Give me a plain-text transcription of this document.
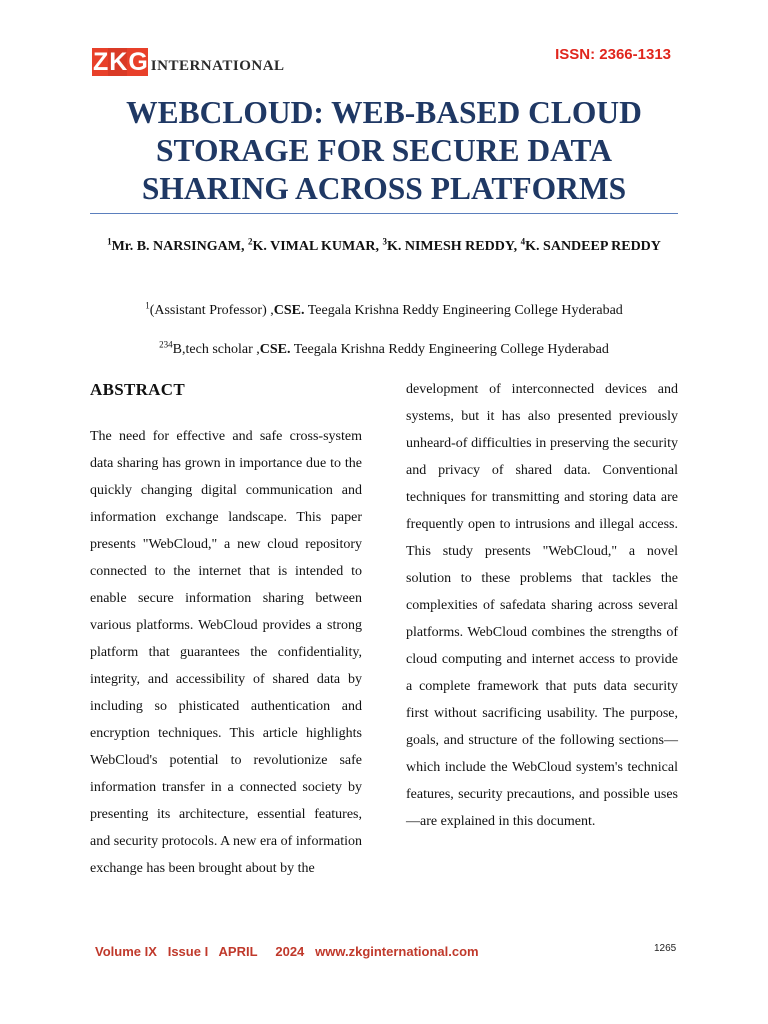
Z K G INTERNATIONAL
ISSN: 2366-1313
WEBCLOUD: WEB-BASED CLOUD STORAGE FOR SECURE DATA SHARING ACROSS PLATFORMS
$^1$Mr. B. NARSINGAM, $^2$K. VIMAL KUMAR, $^3$K. NIMESH REDDY, $^4$K. SANDEEP REDDY
$^1$(Assistant Professor) ,CSE. Teegala Krishna Reddy Engineering College Hyderabad
$^{234}$B,tech scholar ,CSE. Teegala Krishna Reddy Engineering College Hyderabad
ABSTRACT

The need for effective and safe cross-system data sharing has grown in importance due to the quickly changing digital communication and information exchange landscape. This paper presents "WebCloud," a new cloud repository connected to the internet that is intended to enable secure information sharing between various platforms. WebCloud provides a strong platform that guarantees the confidentiality, integrity, and accessibility of shared data by including so phisticated authentication and encryption techniques. This article highlights WebCloud's potential to revolutionize safe information transfer in a connected society by presenting its architecture, essential features, and security protocols. A new era of information exchange has been brought about by the

development of interconnected devices and systems, but it has also presented previously unheard-of difficulties in preserving the security and privacy of shared data. Conventional techniques for transmitting and storing data are frequently open to intrusions and illegal access. This study presents "WebCloud," a novel solution to these problems that tackles the complexities of safedata sharing across several platforms. WebCloud combines the strengths of cloud computing and internet access to provide a complete framework that puts data security first without sacrificing usability. The purpose, goals, and structure of the following sections—which include the WebCloud system's technical features, security precautions, and possible uses—are explained in this document.

Volume IX   Issue I   APRIL     2024   www.zkginternational.com	1265
